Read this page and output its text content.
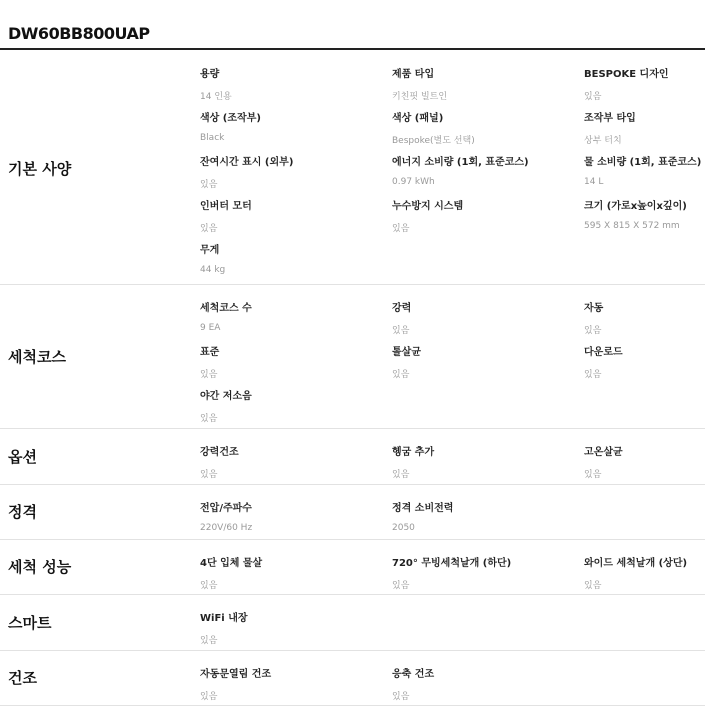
DW60BB800UAP
기본 사양
용량
14 인용
제품 타입
키친핏 빌트인
BESPOKE 디자인
있음
색상 (조작부)
Black
색상 (패널)
Bespoke(별도 선택)
조작부 타입
상부 터치
잔여시간 표시 (외부)
있음
에너지 소비량 (1회, 표준코스)
0.97 kWh
물 소비량 (1회, 표준코스)
14 L
인버터 모터
있음
누수방지 시스템
있음
크기 (가로x높이x깊이)
595 X 815 X 572 mm
무게
44 kg
세척코스
세척코스 수
9 EA
강력
있음
자동
있음
표준
있음
톨살균
있음
다운로드
있음
야간 저소음
있음
옵션	강력건조
있음
헹굼 추가
있음
고온살균
있음
정격	전압/주파수
220V/60 Hz
정격 소비전력
2050
세척 성능	4단 입체 물살
있음
720° 무빙세척날개 (하단)
있음
와이드 세척날개 (상단)
있음
스마트	WiFi 내장
있음
건조	자동문열림 건조
있음
응축 건조
있음
